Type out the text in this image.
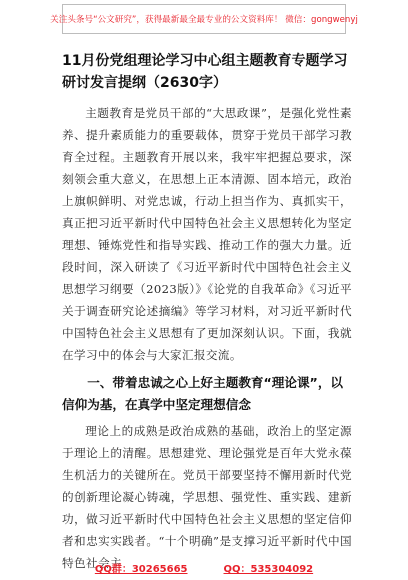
关注头条号“公文研究”，获得最新最全最专业的公文资料库！ 微信：gongwenyj
11月份党组理论学习中心组主题教育专题学习研讨发言提纲（2630字）

主题教育是党员干部的“大思政课”，是强化党性素养、提升素质能力的重要载体，贯穿于党员干部学习教育全过程。主题教育开展以来，我牢牢把握总要求，深刻领会重大意义，在思想上正本清源、固本培元，政治上旗帜鲜明、对党忠诚，行动上担当作为、真抓实干，真正把习近平新时代中国特色社会主义思想转化为坚定理想、锤炼党性和指导实践、推动工作的强大力量。近段时间，深入研读了《习近平新时代中国特色社会主义思想学习纲要（2023版）》《论党的自我革命》《习近平关于调查研究论述摘编》等学习材料，对习近平新时代中国特色社会主义思想有了更加深刻认识。下面，我就在学习中的体会与大家汇报交流。

一、带着忠诚之心上好主题教育“理论课”，以信仰为基，在真学中坚定理想信念

理论上的成熟是政治成熟的基础，政治上的坚定源于理论上的清醒。思想建党、理论强党是百年大党永葆生机活力的关键所在。党员干部要坚持不懈用新时代党的创新理论凝心铸魂，学思想、强党性、重实践、建新功，做习近平新时代中国特色社会主义思想的坚定信仰者和忠实实践者。“十个明确”是支撑习近平新时代中国特色社会主

QQ群：30265665	QQ：535304092
